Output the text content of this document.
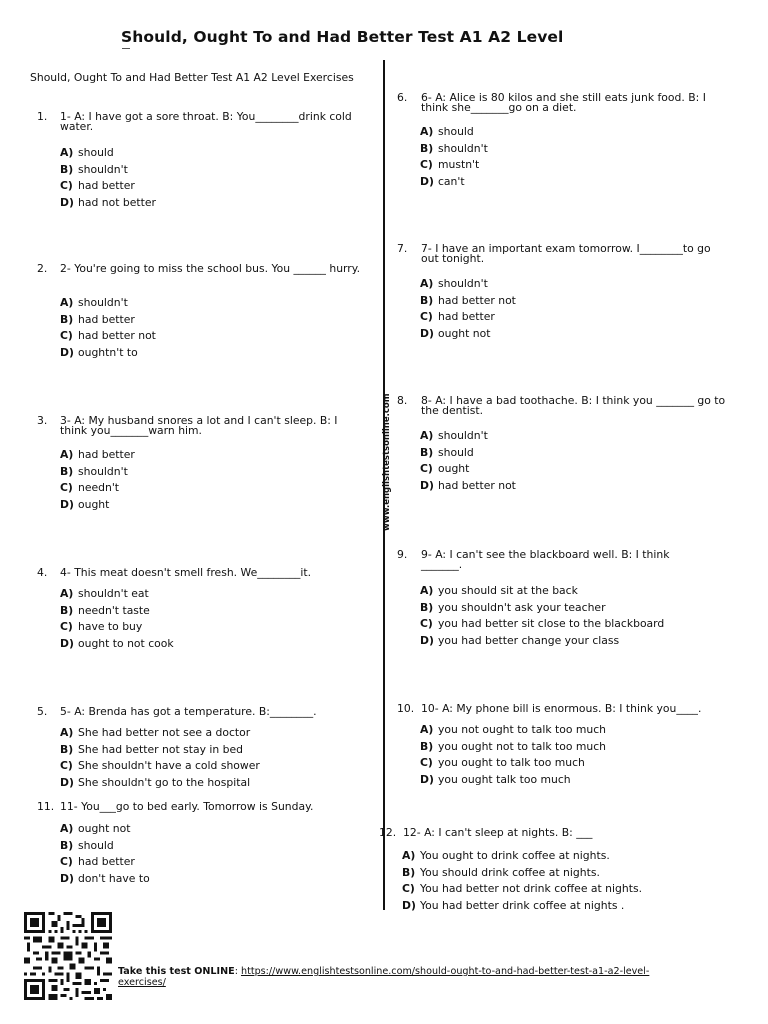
Should, Ought To and Had Better Test A1 A2 Level
Should, Ought To and Had Better Test A1 A2 Level Exercises
www.englishtestsonline.com
1. 1- A: I have got a sore throat. B: You________drink cold water.
A) should
B) shouldn't
C) had better
D) had not better
2. 2- You're going to miss the school bus. You ______ hurry.
A) shouldn't
B) had better
C) had better not
D) oughtn't to
3. 3- A: My husband snores a lot and I can't sleep. B: I think you_______warn him.
A) had better
B) shouldn't
C) needn't
D) ought
4. 4- This meat doesn't smell fresh. We________it.
A) shouldn't eat
B) needn't taste
C) have to buy
D) ought to not cook
5. 5- A: Brenda has got a temperature. B:________.
A) She had better not see a doctor
B) She had better not stay in bed
C) She shouldn't have a cold shower
D) She shouldn't go to the hospital
11. 11- You___go to bed early. Tomorrow is Sunday.
A) ought not
B) should
C) had better
D) don't have to
6. 6- A: Alice is 80 kilos and she still eats junk food. B: I think she_______go on a diet.
A) should
B) shouldn't
C) mustn't
D) can't
7. 7- I have an important exam tomorrow. I________to go out tonight.
A) shouldn't
B) had better not
C) had better
D) ought not
8. 8- A: I have a bad toothache. B: I think you _______ go to the dentist.
A) shouldn't
B) should
C) ought
D) had better not
9. 9- A: I can't see the blackboard well. B: I think _______.
A) you should sit at the back
B) you shouldn't ask your teacher
C) you had better sit close to the blackboard
D) you had better change your class
10. 10- A: My phone bill is enormous. B: I think you____.
A) you not ought to talk too much
B) you ought not to talk too much
C) you ought to talk too much
D) you ought talk too much
12. 12- A: I can't sleep at nights. B: ___
A) You ought to drink coffee at nights.
B) You should drink coffee at nights.
C) You had better not drink coffee at nights.
D) You had better drink coffee at nights .
Take this test ONLINE: https://www.englishtestsonline.com/should-ought-to-and-had-better-test-a1-a2-level-exercises/
